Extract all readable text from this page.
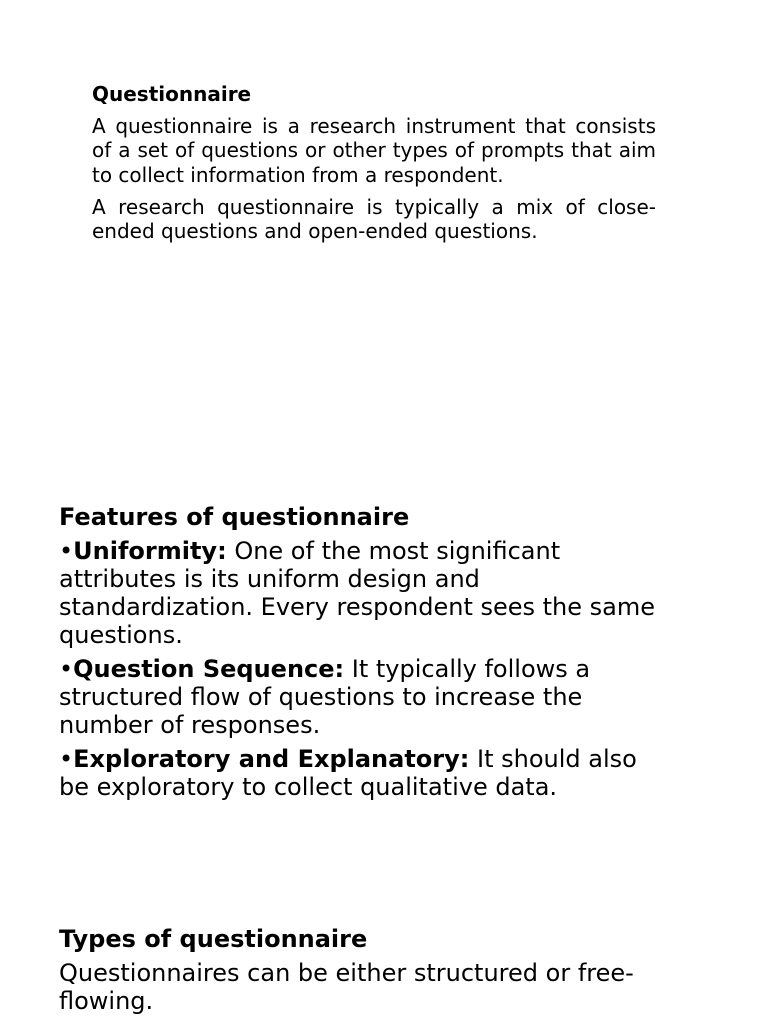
Questionnaire

A questionnaire is a research instrument that consists of a set of questions or other types of prompts that aim to collect information from a respondent.

A research questionnaire is typically a mix of close-ended questions and open-ended questions.

Features of questionnaire
•Uniformity: One of the most significant attributes is its uniform design and standardization. Every respondent sees the same questions.
•Question Sequence: It typically follows a structured flow of questions to increase the number of responses.
•Exploratory and Explanatory: It should also be exploratory to collect qualitative data.
Types of questionnaire

Questionnaires can be either structured or free-flowing.
